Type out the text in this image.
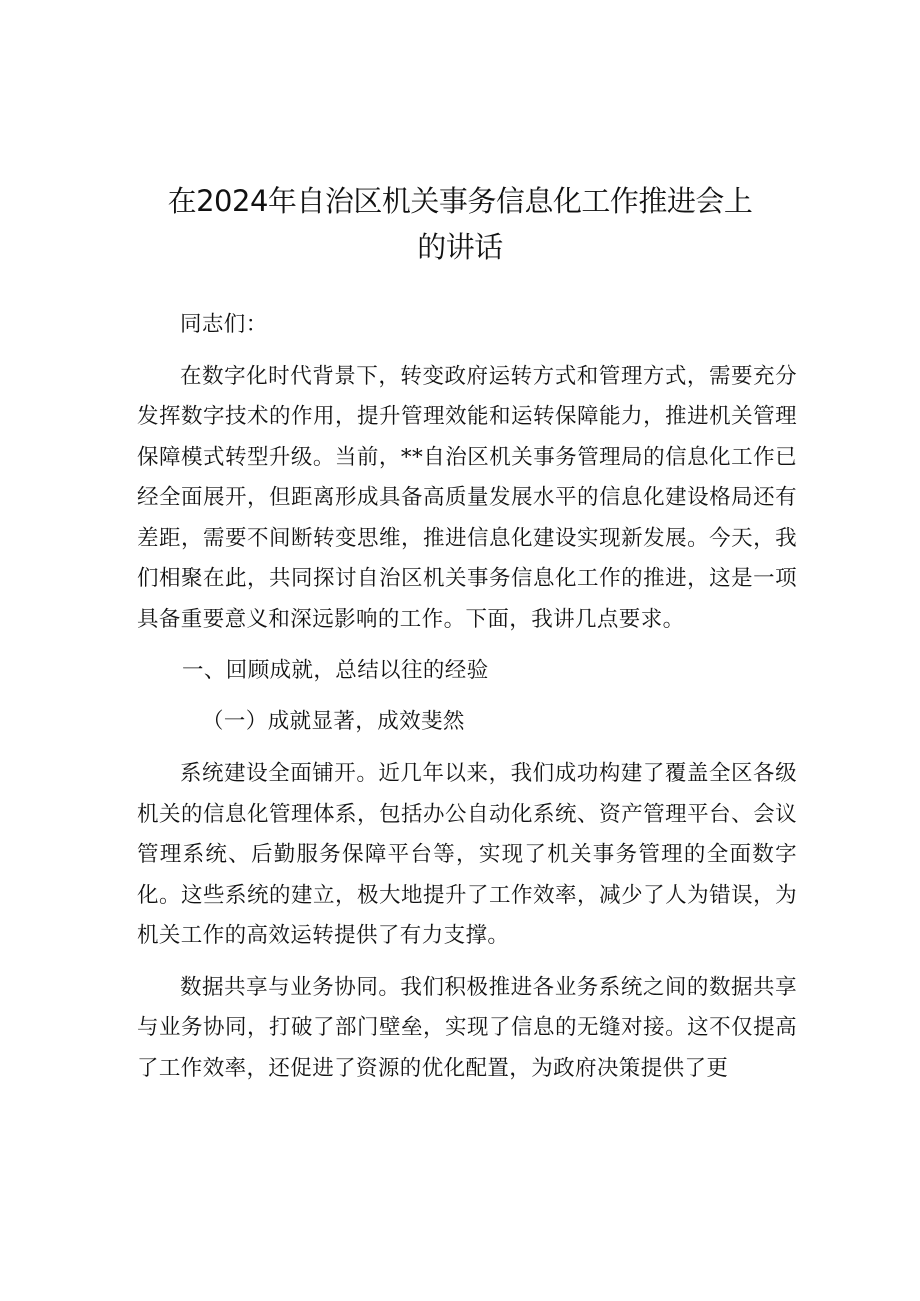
在2024年自治区机关事务信息化工作推进会上
的讲话

同志们：

在数字化时代背景下，转变政府运转方式和管理方式，需要充分发挥数字技术的作用，提升管理效能和运转保障能力，推进机关管理保障模式转型升级。当前，**自治区机关事务管理局的信息化工作已经全面展开，但距离形成具备高质量发展水平的信息化建设格局还有差距，需要不间断转变思维，推进信息化建设实现新发展。今天，我们相聚在此，共同探讨自治区机关事务信息化工作的推进，这是一项具备重要意义和深远影响的工作。下面，我讲几点要求。

一、回顾成就，总结以往的经验

（一）成就显著，成效斐然

系统建设全面铺开。近几年以来，我们成功构建了覆盖全区各级机关的信息化管理体系，包括办公自动化系统、资产管理平台、会议管理系统、后勤服务保障平台等，实现了机关事务管理的全面数字化。这些系统的建立，极大地提升了工作效率，减少了人为错误，为机关工作的高效运转提供了有力支撑。

数据共享与业务协同。我们积极推进各业务系统之间的数据共享与业务协同，打破了部门壁垒，实现了信息的无缝对接。这不仅提高了工作效率，还促进了资源的优化配置，为政府决策提供了更
